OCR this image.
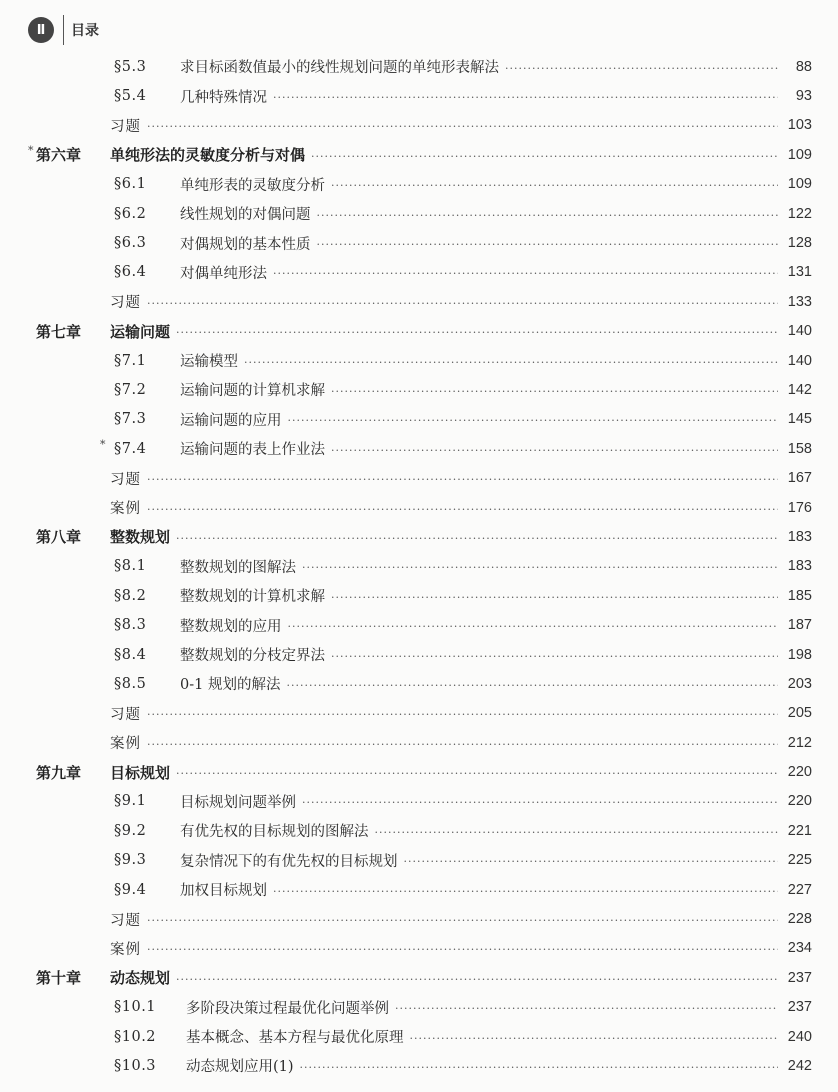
Ⅱ	目录
§5.3	求目标函数值最小的线性规划问题的单纯形表解法 ·····	88
§5.4	几种特殊情况 ·····	93
习题 ·····	103
* 第六章	单纯形法的灵敏度分析与对偶 ·····	109
§6.1	单纯形表的灵敏度分析 ·····	109
§6.2	线性规划的对偶问题 ·····	122
§6.3	对偶规划的基本性质 ·····	128
§6.4	对偶单纯形法 ·····	131
习题 ·····	133
第七章	运输问题 ·····	140
§7.1	运输模型 ·····	140
§7.2	运输问题的计算机求解 ·····	142
§7.3	运输问题的应用 ·····	145
* §7.4	运输问题的表上作业法 ·····	158
习题 ·····	167
案例 ·····	176
第八章	整数规划 ·····	183
§8.1	整数规划的图解法 ·····	183
§8.2	整数规划的计算机求解 ·····	185
§8.3	整数规划的应用 ·····	187
§8.4	整数规划的分枝定界法 ·····	198
§8.5	0-1 规划的解法 ·····	203
习题 ·····	205
案例 ·····	212
第九章	目标规划 ·····	220
§9.1	目标规划问题举例 ·····	220
§9.2	有优先权的目标规划的图解法 ·····	221
§9.3	复杂情况下的有优先权的目标规划 ·····	225
§9.4	加权目标规划 ·····	227
习题 ·····	228
案例 ·····	234
第十章	动态规划 ·····	237
§10.1	多阶段决策过程最优化问题举例 ·····	237
§10.2	基本概念、基本方程与最优化原理 ·····	240
§10.3	动态规划应用(1) ·····	242
